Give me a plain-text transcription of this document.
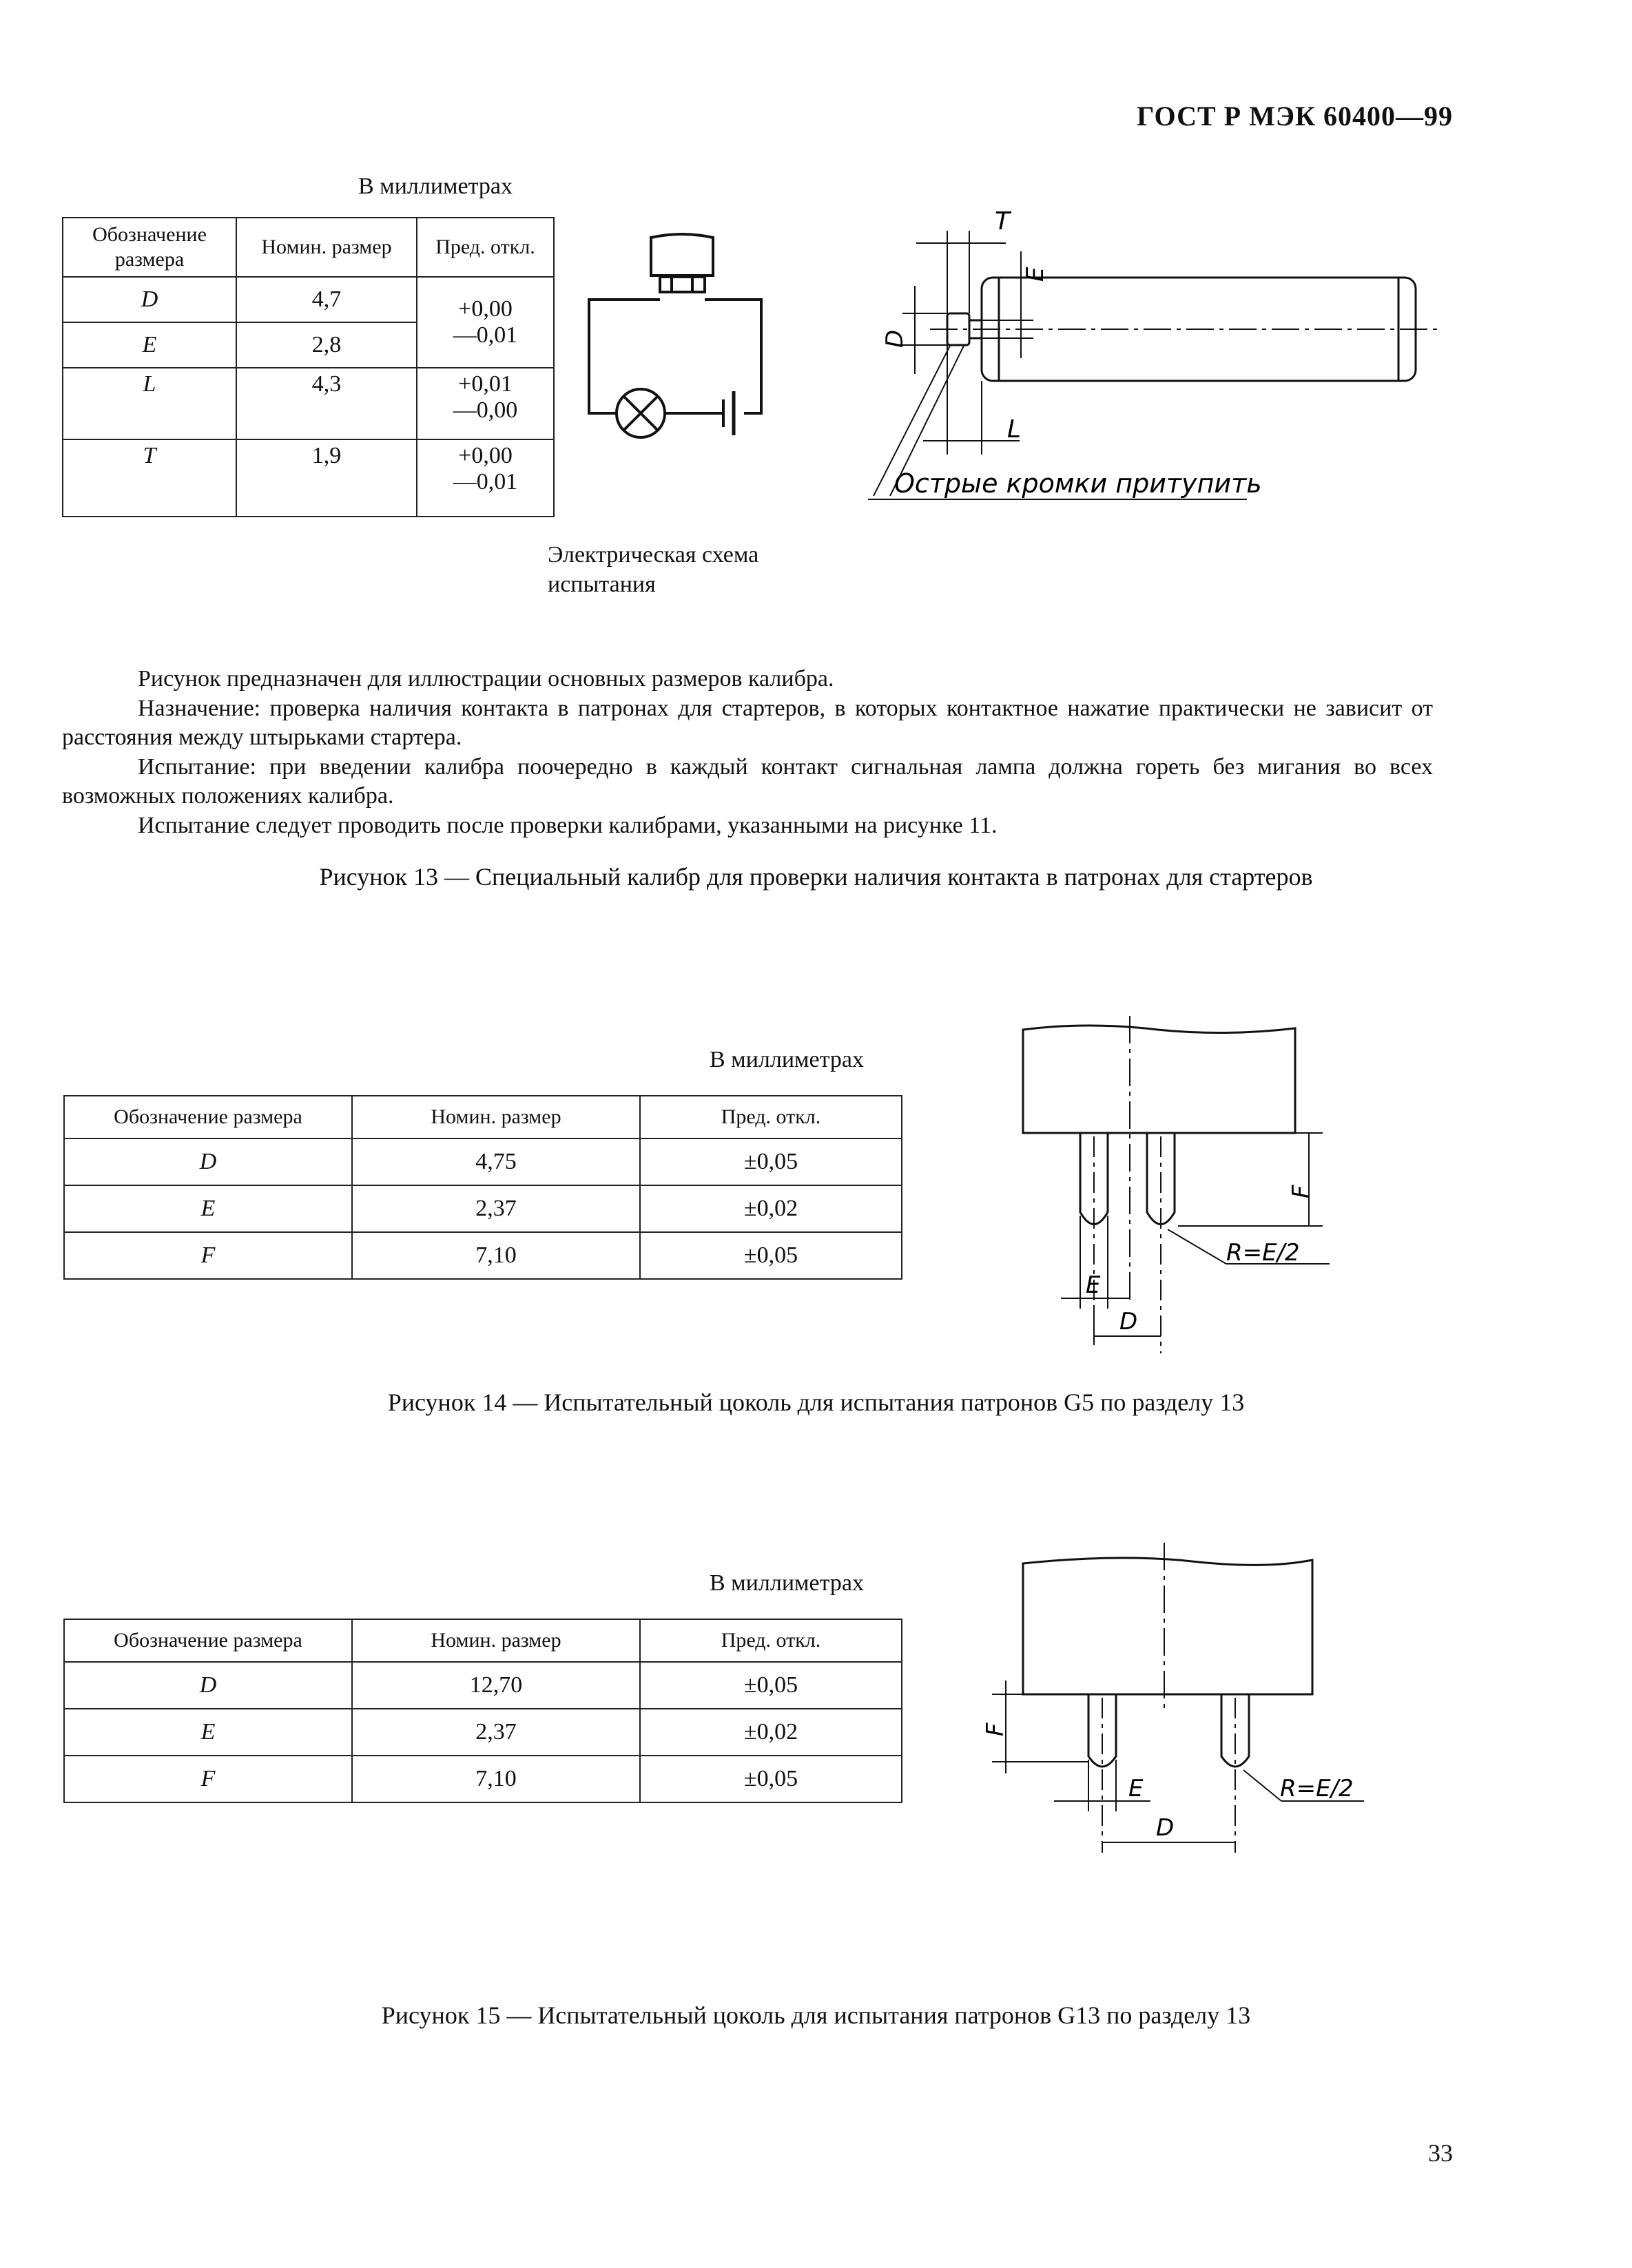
ГОСТ Р МЭК 60400—99
В миллиметрах
Обозначение размера	Номин. размер	Пред. откл.
D	4,7	+0,00
—0,01

E	2,8	
L	4,3	+0,01
—0,00

T	1,9	+0,00
—0,01
Электрическая схема испытания
T
E
D
L
Острые кромки притупить
Рисунок предназначен для иллюстрации основных размеров калибра.
Назначение: проверка наличия контакта в патронах для стартеров, в которых контактное нажатие практически не зависит от расстояния между штырьками стартера.
Испытание: при введении калибра поочередно в каждый контакт сигнальная лампа должна гореть без мигания во всех возможных положениях калибра.
Испытание следует проводить после проверки калибрами, указанными на рисунке 11.
Рисунок 13 — Специальный калибр для проверки наличия контакта в патронах для стартеров
В миллиметрах
Обозначение размера	Номин. размер	Пред. откл.
D	4,75	±0,05
E	2,37	±0,02
F	7,10	±0,05
F
R=E/2
E
D
Рисунок 14 — Испытательный цоколь для испытания патронов G5 по разделу 13
В миллиметрах
Обозначение размера	Номин. размер	Пред. откл.
D	12,70	±0,05
E	2,37	±0,02
F	7,10	±0,05
F
R=E/2
E
D
Рисунок 15 — Испытательный цоколь для испытания патронов G13 по разделу 13
33
